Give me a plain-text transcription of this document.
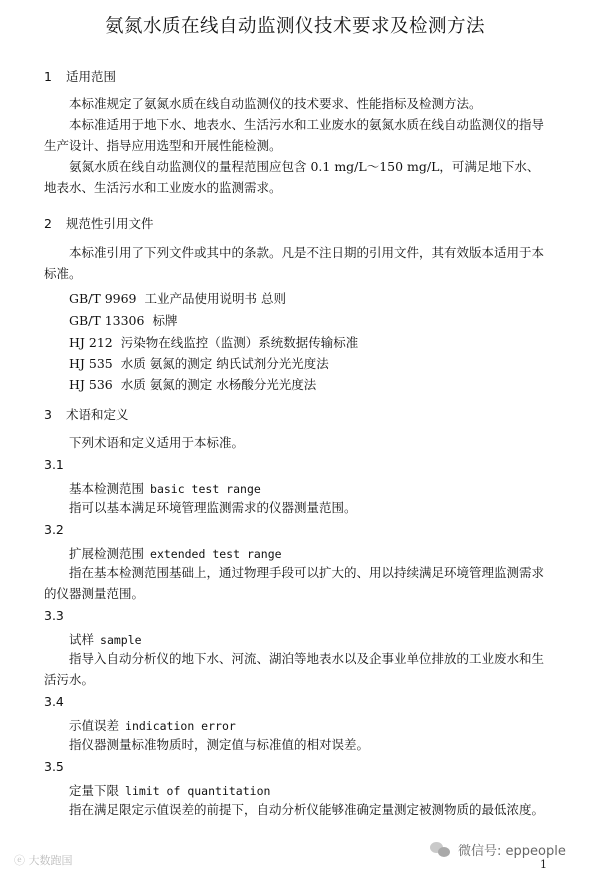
氨氮水质在线自动监测仪技术要求及检测方法
1 适用范围
本标准规定了氨氮水质在线自动监测仪的技术要求、性能指标及检测方法。
本标准适用于地下水、地表水、生活污水和工业废水的氨氮水质在线自动监测仪的指导生产设计、指导应用选型和开展性能检测。
氨氮水质在线自动监测仪的量程范围应包含 0.1 mg/L～150 mg/L，可满足地下水、地表水、生活污水和工业废水的监测需求。
2 规范性引用文件
本标准引用了下列文件或其中的条款。凡是不注日期的引用文件，其有效版本适用于本标准。
GB/T 9969 工业产品使用说明书 总则
GB/T 13306 标牌
HJ 212 污染物在线监控（监测）系统数据传输标准
HJ 535 水质 氨氮的测定 纳氏试剂分光光度法
HJ 536 水质 氨氮的测定 水杨酸分光光度法
3 术语和定义
下列术语和定义适用于本标准。
3.1
基本检测范围 basic test range
指可以基本满足环境管理监测需求的仪器测量范围。
3.2
扩展检测范围 extended test range
指在基本检测范围基础上，通过物理手段可以扩大的、用以持续满足环境管理监测需求的仪器测量范围。
3.3
试样 sample
指导入自动分析仪的地下水、河流、湖泊等地表水以及企事业单位排放的工业废水和生活污水。
3.4
示值误差 indication error
指仪器测量标准物质时，测定值与标准值的相对误差。
3.5
定量下限 limit of quantitation
指在满足限定示值误差的前提下，自动分析仪能够准确定量测定被测物质的最低浓度。
ⓔ 大数跑国
微信号: eppeople
1
